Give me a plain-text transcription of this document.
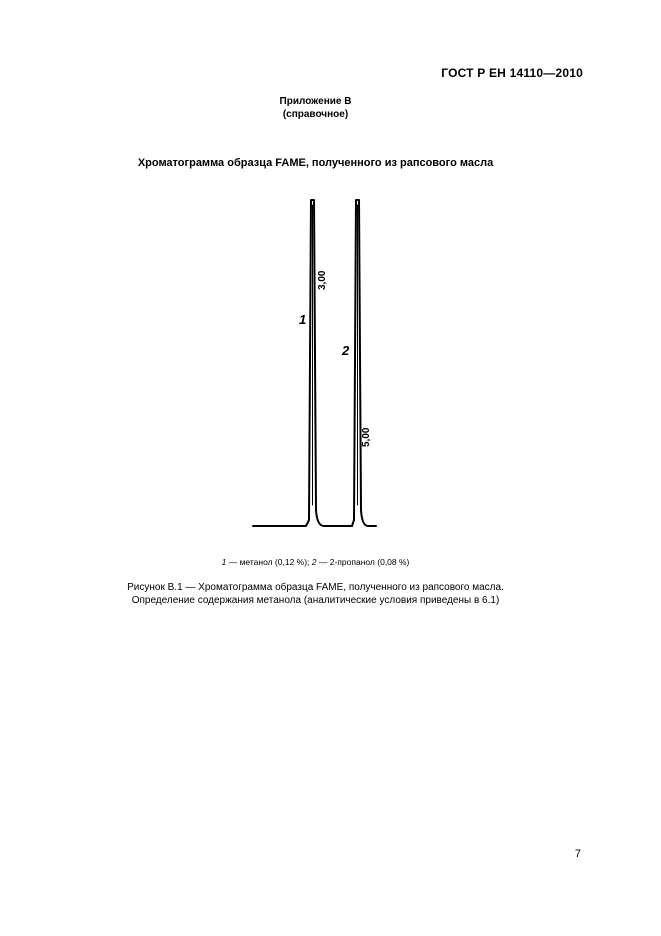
ГОСТ Р ЕН 14110—2010
Приложение В
(справочное)
Хроматограмма образца FAME, полученного из рапсового масла
1
2
3,00
5,00
1 — метанол (0,12 %); 2 — 2-пропанол (0,08 %)
Рисунок В.1 — Хроматограмма образца FAME, полученного из рапсового масла.
Определение содержания метанола (аналитические условия приведены в 6.1)
7
